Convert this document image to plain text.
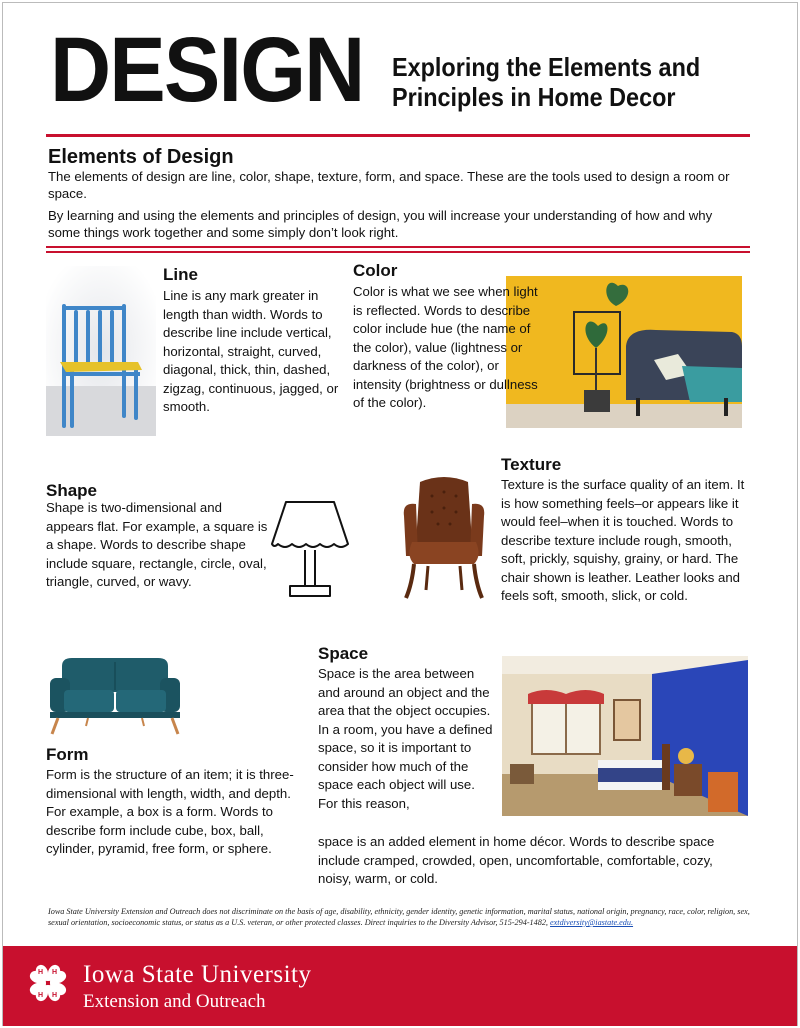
DESIGN Exploring the Elements and Principles in Home Decor
Elements of Design
The elements of design are line, color, shape, texture, form, and space. These are the tools used to design a room or space.
By learning and using the elements and principles of design, you will increase your understanding of how and why some things work together and some simply don’t look right.
Line
Line is any mark greater in length than width. Words to describe line include vertical, horizontal, straight, curved, diagonal, thick, thin, dashed, zigzag, continuous, jagged, or smooth.
Color
Color is what we see when light is reflected. Words to describe color include hue (the name of the color), value (lightness or darkness of the color), or intensity (brightness or dullness of the color).
Shape
Shape is two-dimensional and appears flat. For example, a square is a shape. Words to describe shape include square, rectangle, circle, oval, triangle, curved, or wavy.
Texture
Texture is the surface quality of an item. It is how something feels–or appears like it would feel–when it is touched. Words to describe texture include rough, smooth, soft, prickly, squishy, grainy, or hard. The chair shown is leather. Leather looks and feels soft, smooth, slick, or cold.
Form
Form is the structure of an item; it is three-dimensional with length, width, and depth. For example, a box is a form. Words to describe form include cube, box, ball, cylinder, pyramid, free form, or sphere.
Space
Space is the area between and around an object and the area that the object occupies. In a room, you have a defined space, so it is important to consider how much of the space each object will use. For this reason,
space is an added element in home décor. Words to describe space include cramped, crowded, open, uncomfortable, comfortable, cozy, noisy, warm, or cold.
Iowa State University Extension and Outreach does not discriminate on the basis of age, disability, ethnicity, gender identity, genetic information, marital status, national origin, pregnancy, race, color, religion, sex, sexual orientation, socioeconomic status, or status as a U.S. veteran, or other protected classes. Direct inquiries to the Diversity Advisor, 515-294-1482, extdiversity@iastate.edu.
H H
H H
Iowa State University
Extension and Outreach
